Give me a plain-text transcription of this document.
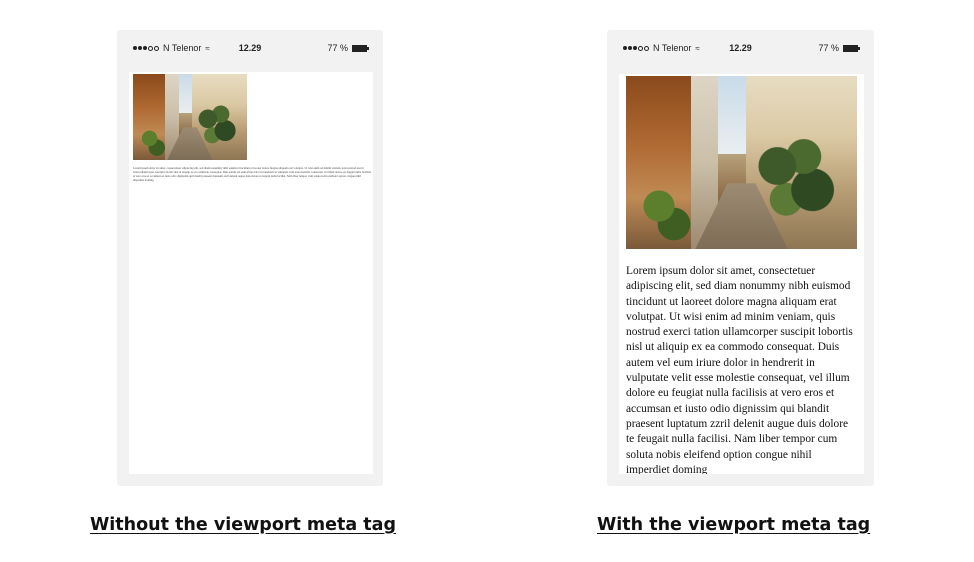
N Telenor ≈	12.29	77 %

Lorem ipsum dolor sit amet, consectetuer adipiscing elit, sed diam nonummy nibh euismod tincidunt ut laoreet dolore magna aliquam erat volutpat. Ut wisi enim ad minim veniam, quis nostrud exerci tation ullamcorper suscipit lobortis nisl ut aliquip ex ea commodo consequat. Duis autem vel eum iriure dolor in hendrerit in vulputate velit esse molestie consequat, vel illum dolore eu feugiat nulla facilisis at vero eros et accumsan et iusto odio dignissim qui blandit praesent luptatum zzril delenit augue duis dolore te feugait nulla facilisi. Nam liber tempor cum soluta nobis eleifend option congue nihil imperdiet doming

N Telenor ≈	12.29	77 %

Lorem ipsum dolor sit amet, consectetuer adipiscing elit, sed diam nonummy nibh euismod tincidunt ut laoreet dolore magna aliquam erat volutpat. Ut wisi enim ad minim veniam, quis nostrud exerci tation ullamcorper suscipit lobortis nisl ut aliquip ex ea commodo consequat. Duis autem vel eum iriure dolor in hendrerit in vulputate velit esse molestie consequat, vel illum dolore eu feugiat nulla facilisis at vero eros et accumsan et iusto odio dignissim qui blandit praesent luptatum zzril delenit augue duis dolore te feugait nulla facilisi. Nam liber tempor cum soluta nobis eleifend option congue nihil imperdiet doming

Without the viewport meta tag	With the viewport meta tag
